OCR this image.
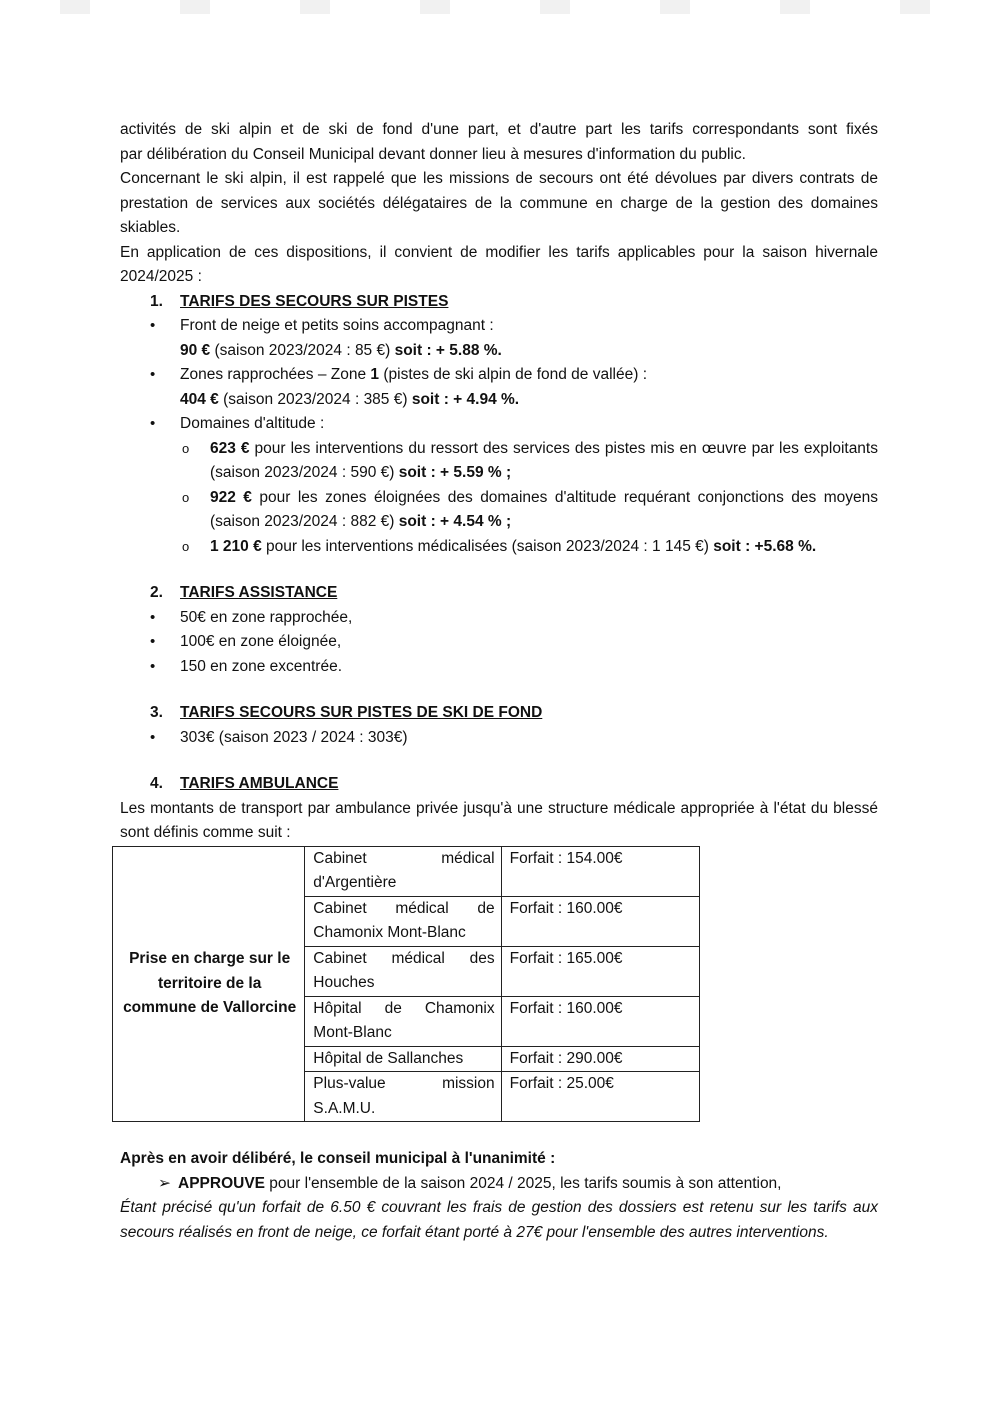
activités de ski alpin et de ski de fond d'une part, et d'autre part les tarifs correspondants sont fixés

par délibération du Conseil Municipal devant donner lieu à mesures d'information du public.

Concernant le ski alpin, il est rappelé que les missions de secours ont été dévolues par divers contrats de prestation de services aux sociétés délégataires de la commune en charge de la gestion des domaines skiables.

En application de ces dispositions, il convient de modifier les tarifs applicables pour la saison hivernale 2024/2025 :

1.	TARIFS DES SECOURS SUR PISTES
• Front de neige et petits soins accompagnant :
90 € (saison 2023/2024 : 85 €) soit : + 5.88 %.
• Zones rapprochées – Zone 1 (pistes de ski alpin de fond de vallée) :
404 € (saison 2023/2024 : 385 €) soit : + 4.94 %.
• Domaines d'altitude :
o 623 € pour les interventions du ressort des services des pistes mis en œuvre par les exploitants (saison 2023/2024 : 590 €) soit : + 5.59 % ;
o 922 € pour les zones éloignées des domaines d'altitude requérant conjonctions des moyens (saison 2023/2024 : 882 €) soit : + 4.54 % ;
o 1 210 € pour les interventions médicalisées (saison 2023/2024 : 1 145 €) soit : +5.68 %.
2.	TARIFS ASSISTANCE
• 50€ en zone rapprochée,
• 100€ en zone éloignée,
• 150 en zone excentrée.
3.	TARIFS SECOURS SUR PISTES DE SKI DE FOND
• 303€ (saison 2023 / 2024 : 303€)
4.	TARIFS AMBULANCE

Les montants de transport par ambulance privée jusqu'à une structure médicale appropriée à l'état du blessé sont définis comme suit :

Prise en charge sur le territoire de la commune de Vallorcine	Cabinet médical d'Argentière	Forfait : 154.00€
	Cabinet médical de Chamonix Mont-Blanc	Forfait : 160.00€
	Cabinet médical des Houches	Forfait : 165.00€
	Hôpital de Chamonix Mont-Blanc	Forfait : 160.00€
	Hôpital de Sallanches	Forfait : 290.00€
	Plus-value mission S.A.M.U.	Forfait : 25.00€

Après en avoir délibéré, le conseil municipal à l'unanimité :

➢ APPROUVE pour l'ensemble de la saison 2024 / 2025, les tarifs soumis à son attention,

Étant précisé qu'un forfait de 6.50 € couvrant les frais de gestion des dossiers est retenu sur les tarifs aux secours réalisés en front de neige, ce forfait étant porté à 27€ pour l'ensemble des autres interventions.
